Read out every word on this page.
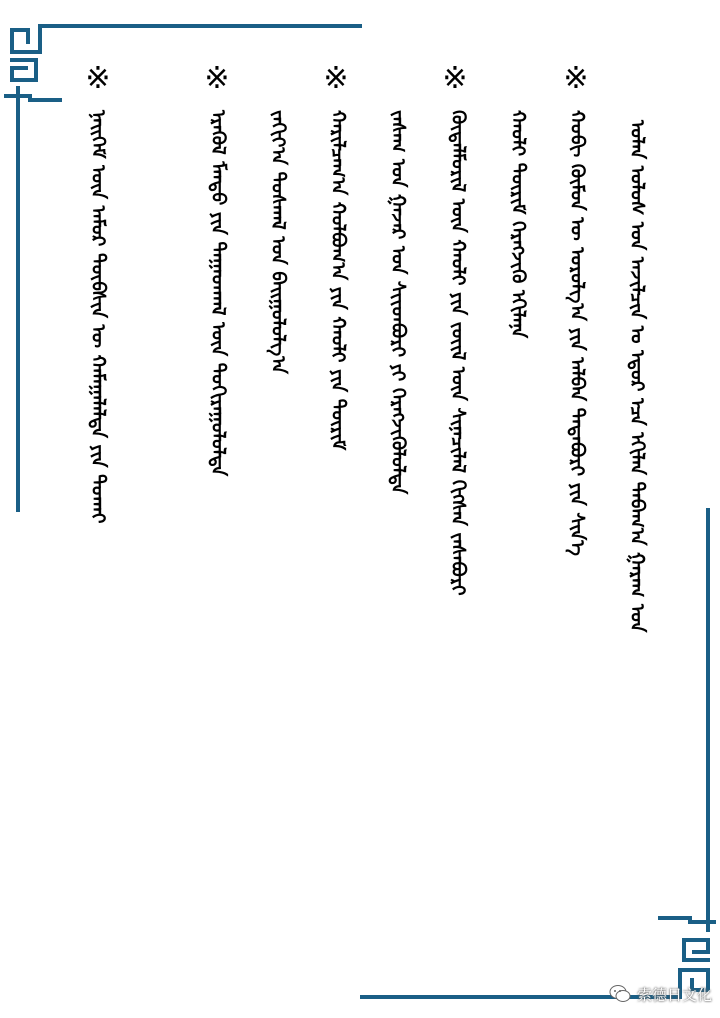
ᠣᠯᠠᠨ ᠤᠯᠤᠰ ᠤᠨ ᠠᠵᠢᠯᠴᠢᠨ ᠤ ᠡᠳᠦᠷ ᠡᠴᠡ ᠡᠬᠢᠯᠡᠨ ᠳᠠᠪᠠᠭ᠎ᠠ ᠭᠠᠷᠠᠭ ᠤᠨ
ᠬᠤᠪᠢ ᠬᠦᠮᠦᠨ ᠦ ᠣᠷᠣᠯᠭ᠎ᠠ ᠶᠢᠨ ᠠᠯᠪᠠᠨ ᠲᠠᠲᠠᠪᠤᠷᠢ ᠶᠢᠨ ᠰᠢᠨ᠎ᠡ
ᠬᠠᠤᠯᠢ ᠳᠦᠷᠢᠮ ᠬᠡᠷᠡᠭᠵᠢᠬᠦ ᠡᠬᠢᠯᠡᠨᠡ
ᠬᠦᠳᠡᠯᠮᠦᠷᠢᠯ ᠦᠨ ᠬᠠᠤᠯᠢ ᠶᠢᠨ ᠵᠦᠢᠯ ᠦᠨ ᠰᠢᠨᠡᠴᠢᠯᠡᠯ ᠬᠢᠭᠰᠡᠨ ᠵᠠᠰᠠᠪᠤᠷᠢ
ᠵᠠᠰᠠᠭ ᠤᠨ ᠭᠠᠵᠠᠷ ᠤᠨ ᠰᠢᠢᠳᠪᠦᠷᠢ ᠶᠢ ᠬᠡᠷᠡᠭᠵᠢᠭᠦᠯᠦᠯᠲᠡ
ᠬᠠᠷᠢᠯᠴᠠᠭ᠎ᠠ ᠬᠣᠯᠪᠣᠭ᠎ᠠ ᠶᠢᠨ ᠬᠠᠤᠯᠢ ᠶᠢᠨ ᠳᠦᠷᠢᠮ
ᠵᠠᠬᠢᠶ᠎ᠠ ᠲᠤᠰᠬᠠᠯ ᠤᠨ ᠪᠠᠢᠭᠤᠯᠤᠯᠭ᠎ᠠ
ᠡᠷᠡᠭᠦᠯ ᠮᠡᠨᠳᠦ ᠶᠢᠨ ᠳᠠᠭᠠᠳᠬᠠᠯ ᠦᠨ ᠲᠣᠬᠢᠷᠠᠭᠤᠯᠤᠯᠲᠠ
ᠨᠡᠢᠭᠡᠮ ᠦᠨ ᠠᠮᠤᠷ ᠲᠦᠪᠰᠢᠨ ᠦ ᠬᠠᠮᠠᠭᠠᠯᠠᠯᠲᠠ ᠶᠢᠨ ᠲᠤᠬᠠᠢ
※
※
※
※
※
索德日文化
